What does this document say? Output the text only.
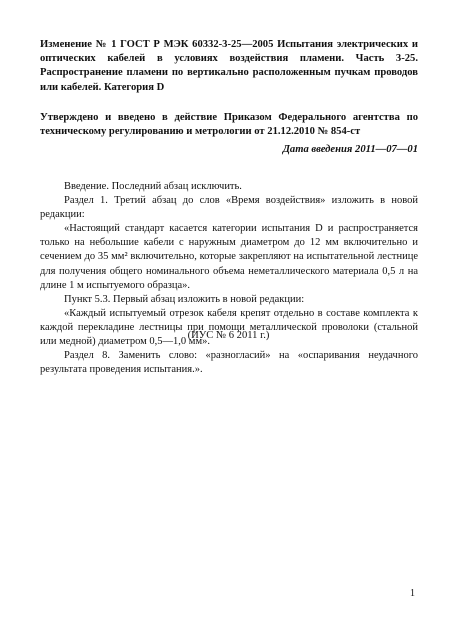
Изменение № 1 ГОСТ Р МЭК 60332-3-25—2005 Испытания электрических и оптических кабелей в условиях воздействия пламени. Часть 3-25. Распространение пламени по вертикально расположенным пучкам проводов или кабелей. Категория D
Утверждено и введено в действие Приказом Федерального агентства по техническому регулированию и метрологии от 21.12.2010 № 854-ст
Дата введения 2011—07—01

Введение. Последний абзац исключить.

Раздел 1. Третий абзац до слов «Время воздействия» изложить в новой редакции:

«Настоящий стандарт касается категории испытания D и распространяется только на небольшие кабели с наружным диаметром до 12 мм включительно и сечением до 35 мм² включительно, которые закрепляют на испытательной лестнице для получения общего номинального объема неметаллического материала 0,5 л на длине 1 м испытуемого образца».

Пункт 5.3. Первый абзац изложить в новой редакции:

«Каждый испытуемый отрезок кабеля крепят отдельно в составе комплекта к каждой перекладине лестницы при помощи металлической проволоки (стальной или медной) диаметром 0,5—1,0 мм».

Раздел 8. Заменить слово: «разногласий» на «оспаривания неудачного результата проведения испытания.».

(ИУС № 6 2011 г.)
1
